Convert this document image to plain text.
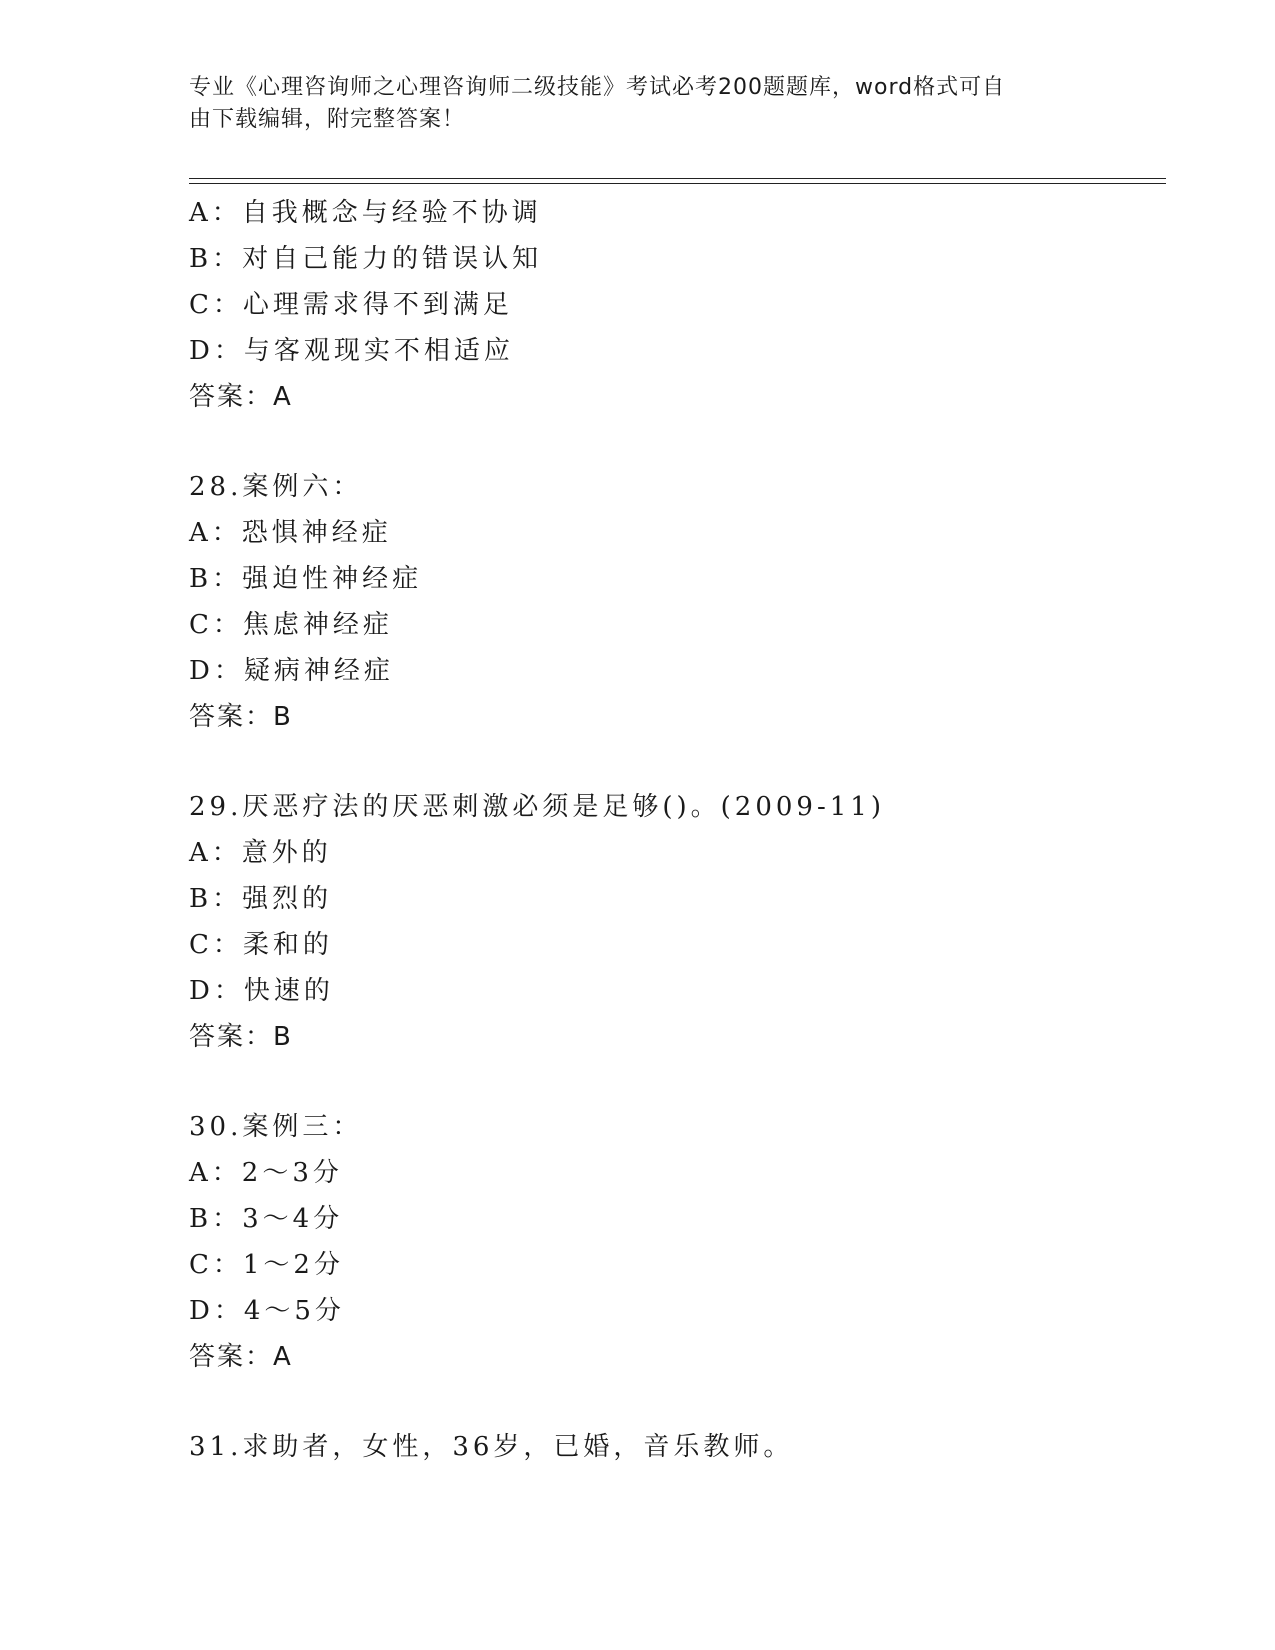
专业《心理咨询师之心理咨询师二级技能》考试必考200题题库，word格式可自
由下载编辑，附完整答案！
A：自我概念与经验不协调
B：对自己能力的错误认知
C：心理需求得不到满足
D：与客观现实不相适应
答案：A
28.案例六：
A：恐惧神经症
B：强迫性神经症
C：焦虑神经症
D：疑病神经症
答案：B
29.厌恶疗法的厌恶刺激必须是足够()。(2009-11)
A：意外的
B：强烈的
C：柔和的
D：快速的
答案：B
30.案例三：
A：2～3分
B：3～4分
C：1～2分
D：4～5分
答案：A
31.求助者，女性，36岁，已婚，音乐教师。
